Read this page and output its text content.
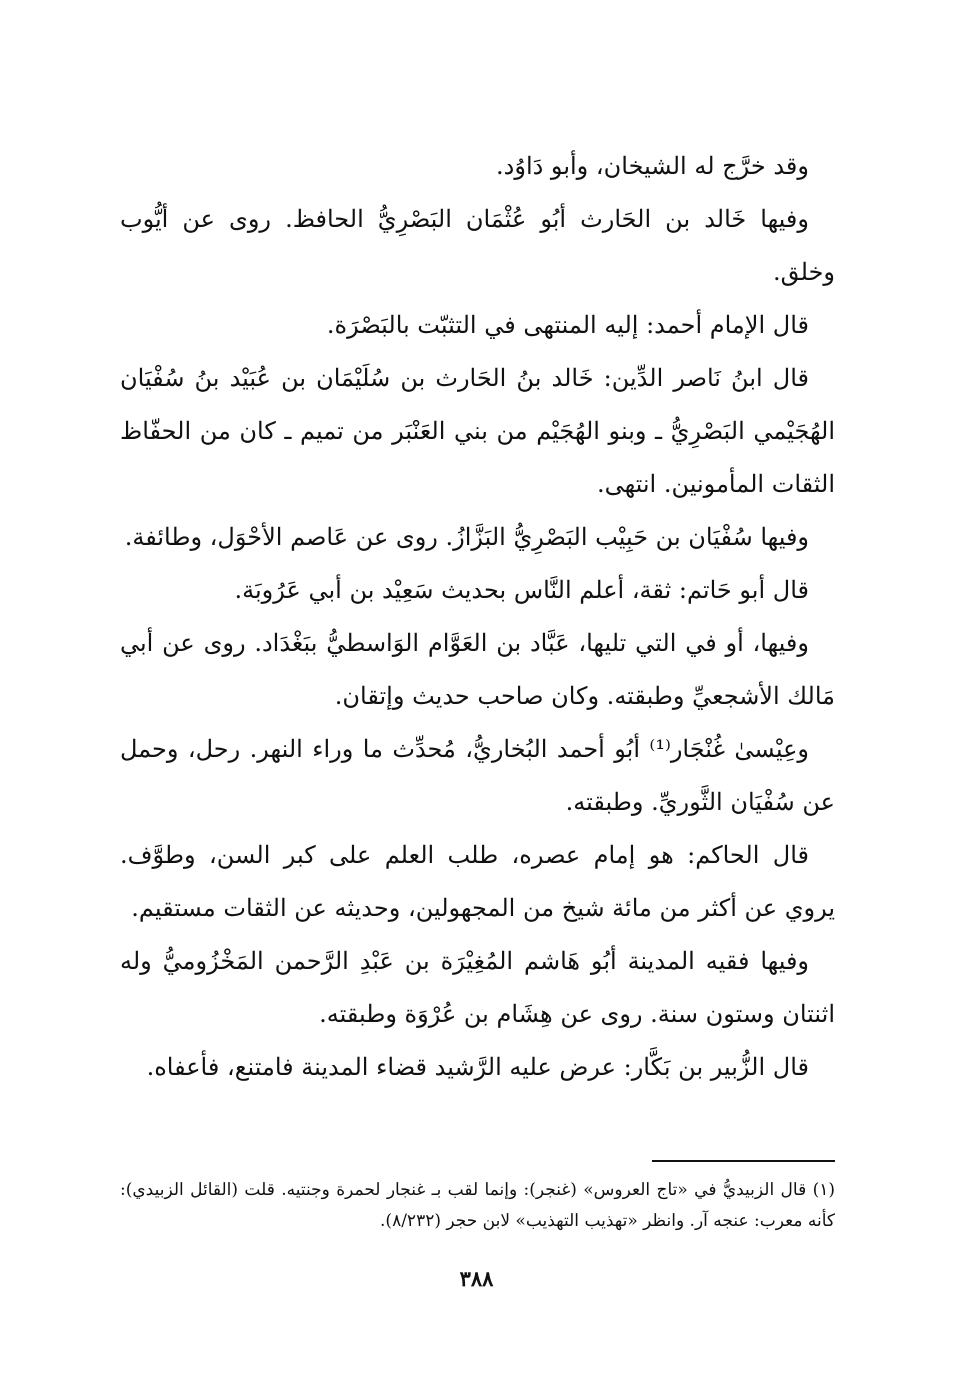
وقد خرَّج له الشيخان، وأبو دَاوُد.

وفيها خَالد بن الحَارث أبُو عُثْمَان البَصْرِيُّ الحافظ. روى عن أيُّوب وخلق.

قال الإمام أحمد: إليه المنتهى في التثبّت بالبَصْرَة.

قال ابنُ نَاصر الدِّين: خَالد بنُ الحَارث بن سُلَيْمَان بن عُبَيْد بنُ سُفْيَان الهُجَيْمي البَصْرِيُّ ـ وبنو الهُجَيْم من بني العَنْبَر من تميم ـ كان من الحفّاظ الثقات المأمونين. انتهى.

وفيها سُفْيَان بن حَبِيْب البَصْرِيُّ البَزَّازُ. روى عن عَاصم الأحْوَل، وطائفة.

قال أبو حَاتم: ثقة، أعلم النَّاس بحديث سَعِيْد بن أبي عَرُوبَة.

وفيها، أو في التي تليها، عَبَّاد بن العَوَّام الوَاسطيُّ ببَغْدَاد. روى عن أبي مَالك الأشجعيِّ وطبقته. وكان صاحب حديث وإتقان.

وعِيْسىٰ غُنْجَار⁽¹⁾ أبُو أحمد البُخاريُّ، مُحدِّث ما وراء النهر. رحل، وحمل عن سُفْيَان الثَّوريِّ. وطبقته.

قال الحاكم: هو إمام عصره، طلب العلم على كبر السن، وطوَّف. يروي عن أكثر من مائة شيخ من المجهولين، وحديثه عن الثقات مستقيم.

وفيها فقيه المدينة أبُو هَاشم المُغِيْرَة بن عَبْدِ الرَّحمن المَخْزُوميُّ وله اثنتان وستون سنة. روى عن هِشَام بن عُرْوَة وطبقته.

قال الزُّبير بن بَكَّار: عرض عليه الرَّشيد قضاء المدينة فامتنع، فأعفاه.

(١) قال الزبيديُّ في «تاج العروس» (غنجر): وإنما لقب بـ غنجار لحمرة وجنتيه. قلت (القائل الزبيدي): كأنه معرب: عنجه آر. وانظر «تهذيب التهذيب» لابن حجر (٨/٢٣٢).
٣٨٨
